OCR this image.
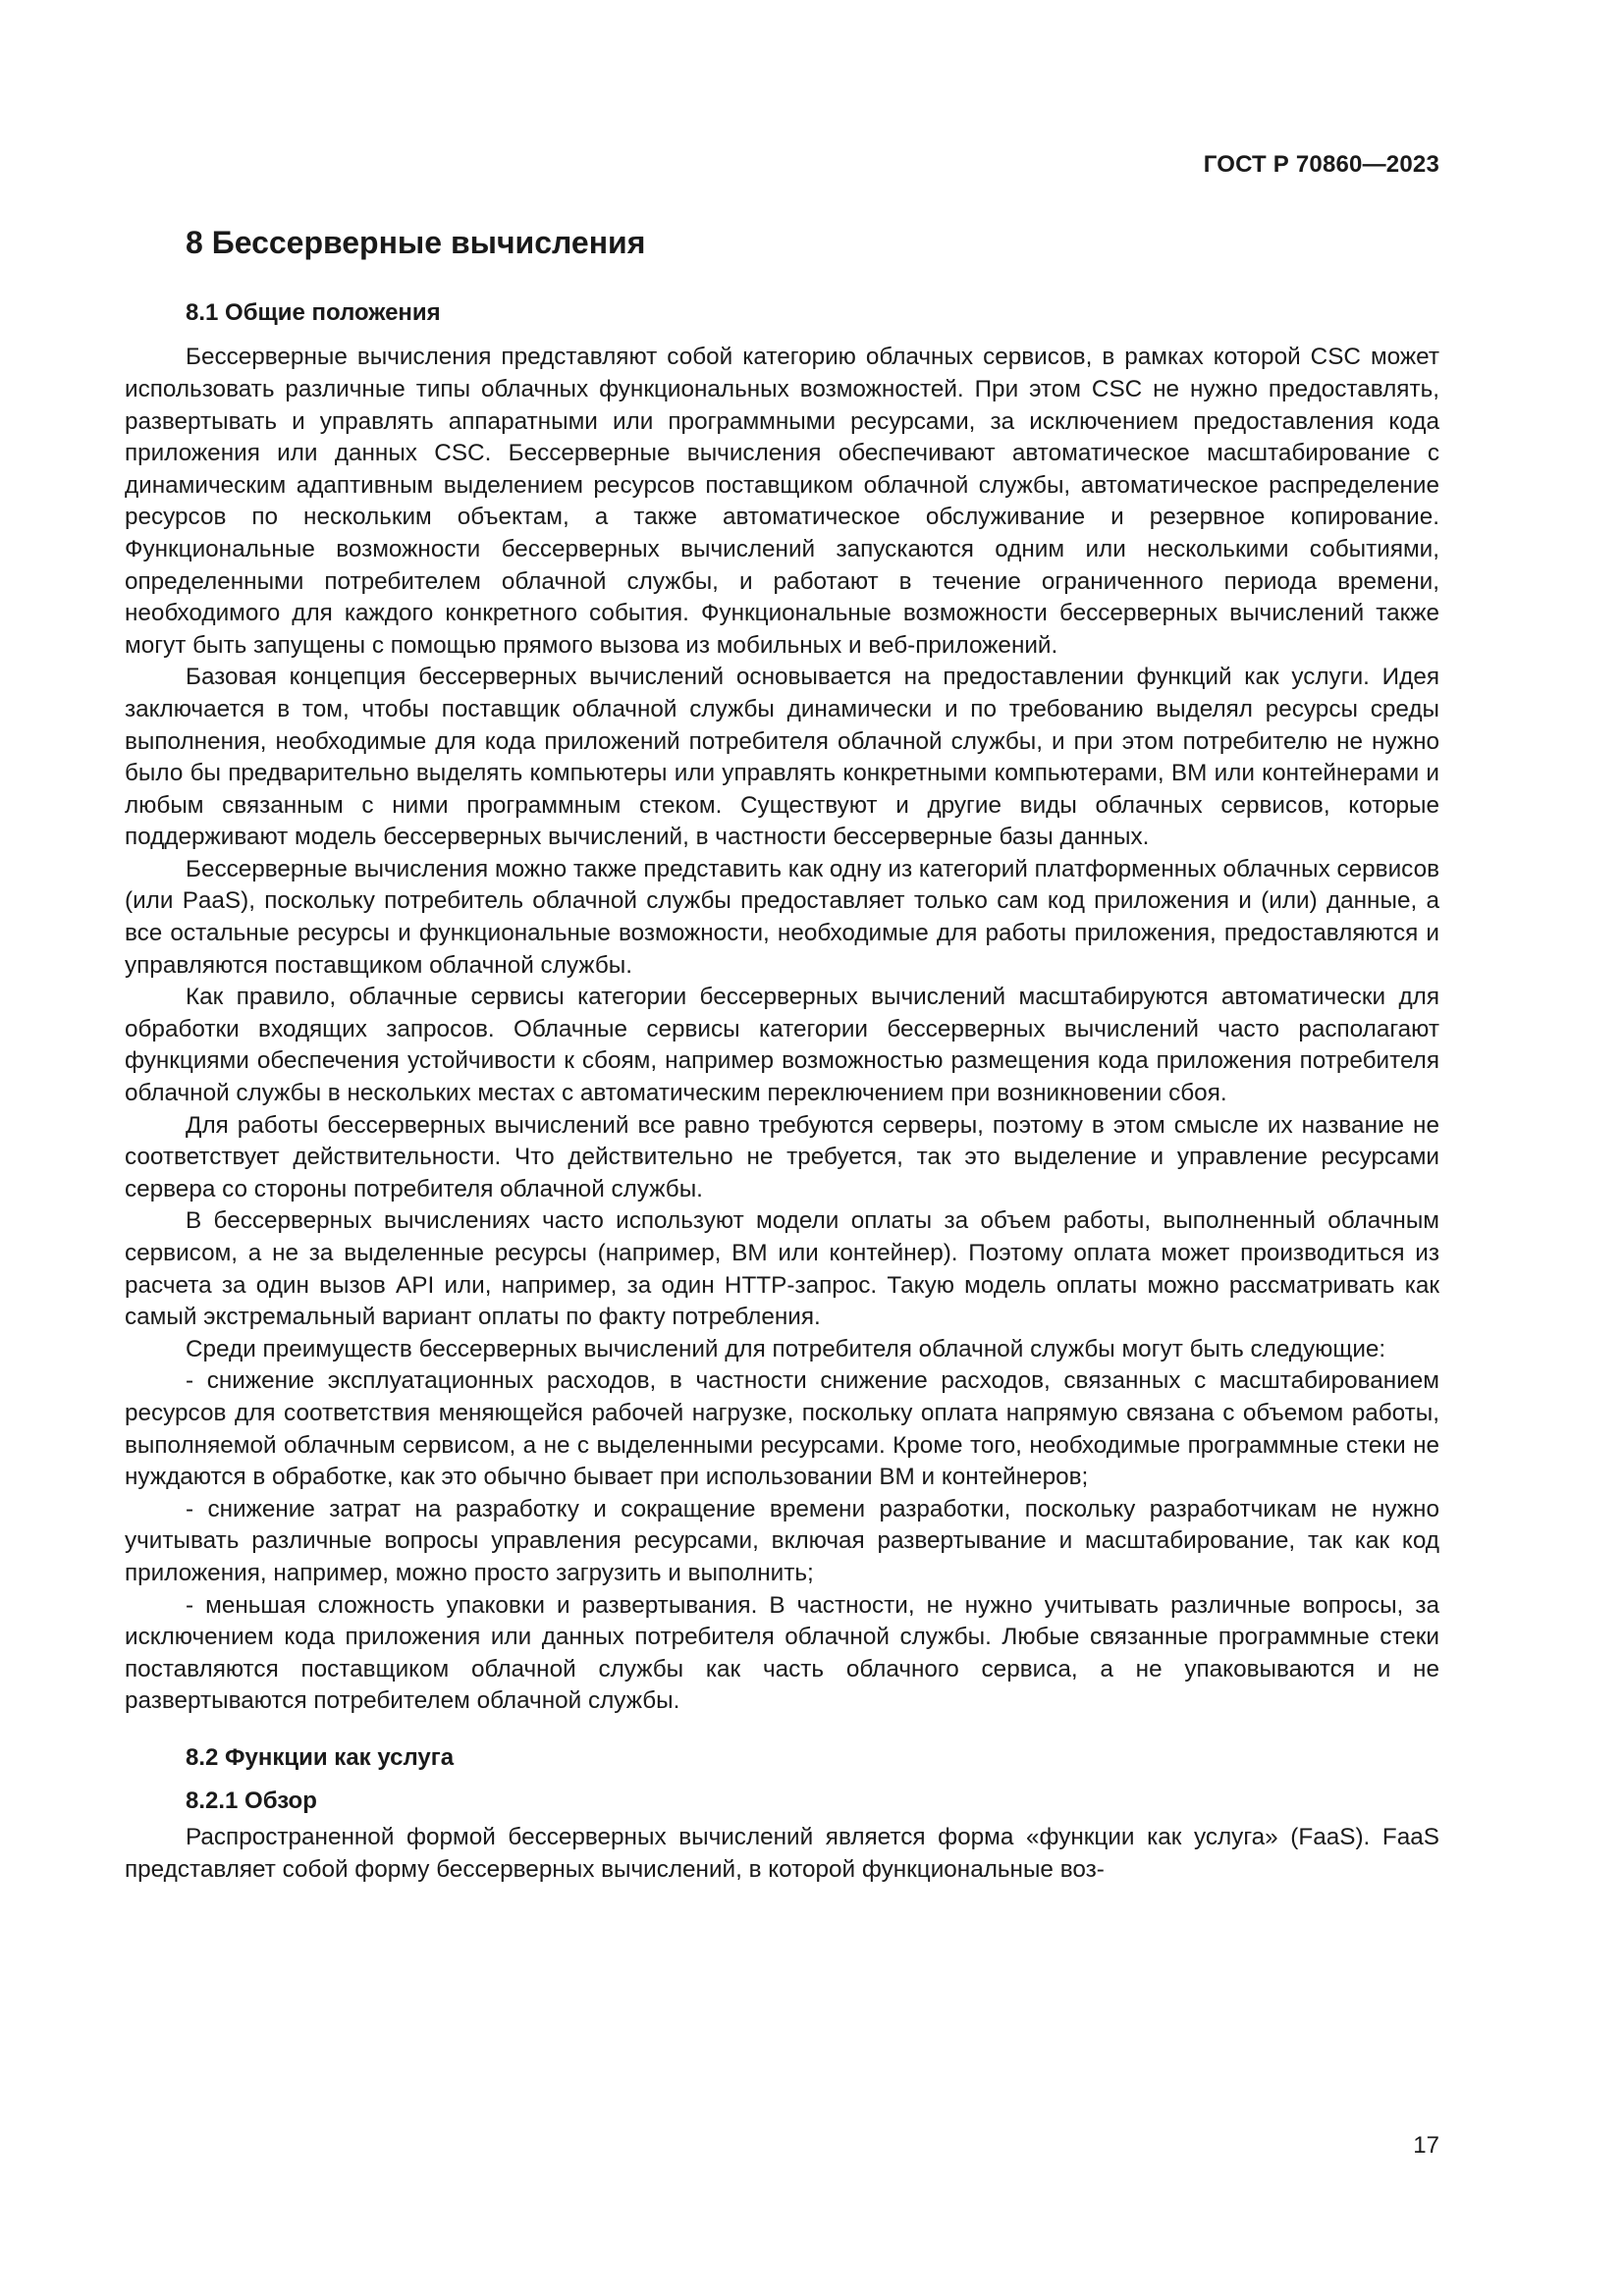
ГОСТ Р 70860—2023
8 Бессерверные вычисления
8.1 Общие положения

Бессерверные вычисления представляют собой категорию облачных сервисов, в рамках которой CSC может использовать различные типы облачных функциональных возможностей. При этом CSC не нужно предоставлять, развертывать и управлять аппаратными или программными ресурсами, за исключением предоставления кода приложения или данных CSC. Бессерверные вычисления обеспечивают автоматическое масштабирование с динамическим адаптивным выделением ресурсов поставщиком облачной службы, автоматическое распределение ресурсов по нескольким объектам, а также автоматическое обслуживание и резервное копирование. Функциональные возможности бессерверных вычислений запускаются одним или несколькими событиями, определенными потребителем облачной службы, и работают в течение ограниченного периода времени, необходимого для каждого конкретного события. Функциональные возможности бессерверных вычислений также могут быть запущены с помощью прямого вызова из мобильных и веб-приложений.

Базовая концепция бессерверных вычислений основывается на предоставлении функций как услуги. Идея заключается в том, чтобы поставщик облачной службы динамически и по требованию выделял ресурсы среды выполнения, необходимые для кода приложений потребителя облачной службы, и при этом потребителю не нужно было бы предварительно выделять компьютеры или управлять конкретными компьютерами, ВМ или контейнерами и любым связанным с ними программным стеком. Существуют и другие виды облачных сервисов, которые поддерживают модель бессерверных вычислений, в частности бессерверные базы данных.

Бессерверные вычисления можно также представить как одну из категорий платформенных облачных сервисов (или PaaS), поскольку потребитель облачной службы предоставляет только сам код приложения и (или) данные, а все остальные ресурсы и функциональные возможности, необходимые для работы приложения, предоставляются и управляются поставщиком облачной службы.

Как правило, облачные сервисы категории бессерверных вычислений масштабируются автоматически для обработки входящих запросов. Облачные сервисы категории бессерверных вычислений часто располагают функциями обеспечения устойчивости к сбоям, например возможностью размещения кода приложения потребителя облачной службы в нескольких местах с автоматическим переключением при возникновении сбоя.

Для работы бессерверных вычислений все равно требуются серверы, поэтому в этом смысле их название не соответствует действительности. Что действительно не требуется, так это выделение и управление ресурсами сервера со стороны потребителя облачной службы.

В бессерверных вычислениях часто используют модели оплаты за объем работы, выполненный облачным сервисом, а не за выделенные ресурсы (например, ВМ или контейнер). Поэтому оплата может производиться из расчета за один вызов API или, например, за один HTTP-запрос. Такую модель оплаты можно рассматривать как самый экстремальный вариант оплаты по факту потребления.

Среди преимуществ бессерверных вычислений для потребителя облачной службы могут быть следующие:

- снижение эксплуатационных расходов, в частности снижение расходов, связанных с масштабированием ресурсов для соответствия меняющейся рабочей нагрузке, поскольку оплата напрямую связана с объемом работы, выполняемой облачным сервисом, а не с выделенными ресурсами. Кроме того, необходимые программные стеки не нуждаются в обработке, как это обычно бывает при использовании ВМ и контейнеров;

- снижение затрат на разработку и сокращение времени разработки, поскольку разработчикам не нужно учитывать различные вопросы управления ресурсами, включая развертывание и масштабирование, так как код приложения, например, можно просто загрузить и выполнить;

- меньшая сложность упаковки и развертывания. В частности, не нужно учитывать различные вопросы, за исключением кода приложения или данных потребителя облачной службы. Любые связанные программные стеки поставляются поставщиком облачной службы как часть облачного сервиса, а не упаковываются и не развертываются потребителем облачной службы.

8.2 Функции как услуга
8.2.1 Обзор

Распространенной формой бессерверных вычислений является форма «функции как услуга» (FaaS). FaaS представляет собой форму бессерверных вычислений, в которой функциональные воз-

17
